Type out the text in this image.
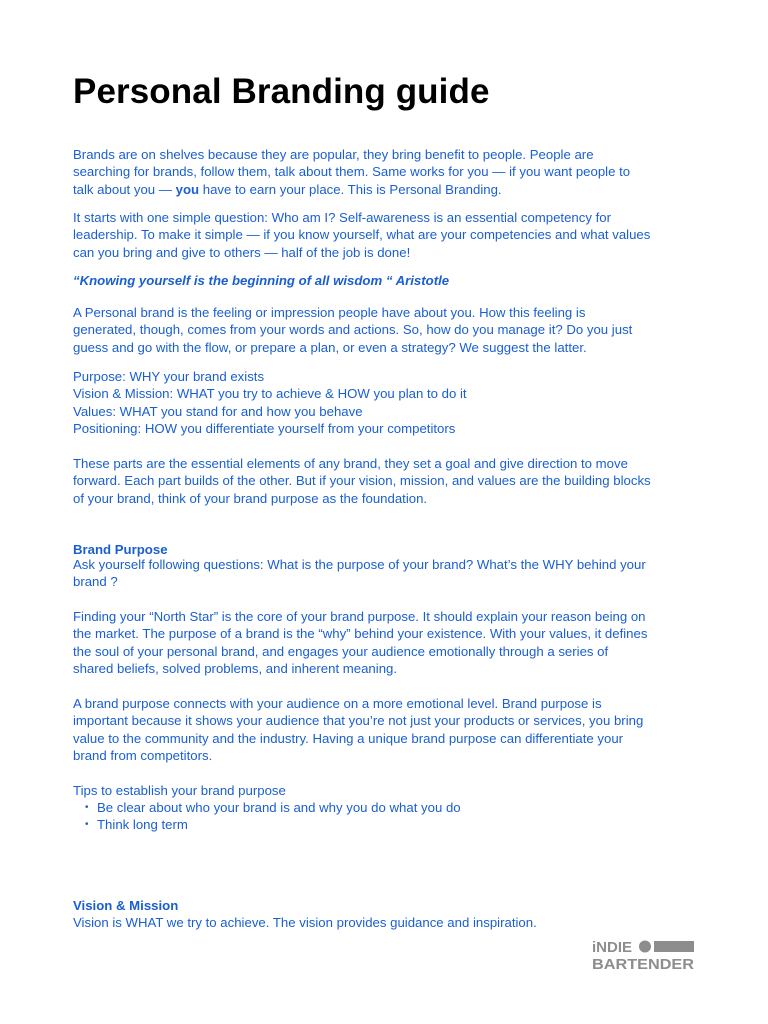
Personal Branding guide

Brands are on shelves because they are popular, they bring benefit to people. People are
searching for brands, follow them, talk about them. Same works for you — if you want people to
talk about you — you have to earn your place. This is Personal Branding.

It starts with one simple question: Who am I? Self-awareness is an essential competency for
leadership. To make it simple — if you know yourself, what are your competencies and what values
can you bring and give to others — half of the job is done!

“Knowing yourself is the beginning of all wisdom “ Aristotle

A Personal brand is the feeling or impression people have about you. How this feeling is
generated, though, comes from your words and actions. So, how do you manage it? Do you just
guess and go with the flow, or prepare a plan, or even a strategy? We suggest the latter.

Purpose: WHY your brand exists
Vision & Mission: WHAT you try to achieve & HOW you plan to do it
Values: WHAT you stand for and how you behave
Positioning: HOW you differentiate yourself from your competitors

These parts are the essential elements of any brand, they set a goal and give direction to move
forward. Each part builds of the other. But if your vision, mission, and values are the building blocks
of your brand, think of your brand purpose as the foundation.

Brand Purpose

Ask yourself following questions: What is the purpose of your brand? What’s the WHY behind your
brand ?

Finding your “North Star” is the core of your brand purpose. It should explain your reason being on
the market. The purpose of a brand is the “why” behind your existence. With your values, it defines
the soul of your personal brand, and engages your audience emotionally through a series of
shared beliefs, solved problems, and inherent meaning.

A brand purpose connects with your audience on a more emotional level. Brand purpose is
important because it shows your audience that you’re not just your products or services, you bring
value to the community and the industry. Having a unique brand purpose can differentiate your
brand from competitors.

Tips to establish your brand purpose

• Be clear about who your brand is and why you do what you do
• Think long term

Vision & Mission

Vision is WHAT we try to achieve. The vision provides guidance and inspiration.

iNDIE
BARTENDER
